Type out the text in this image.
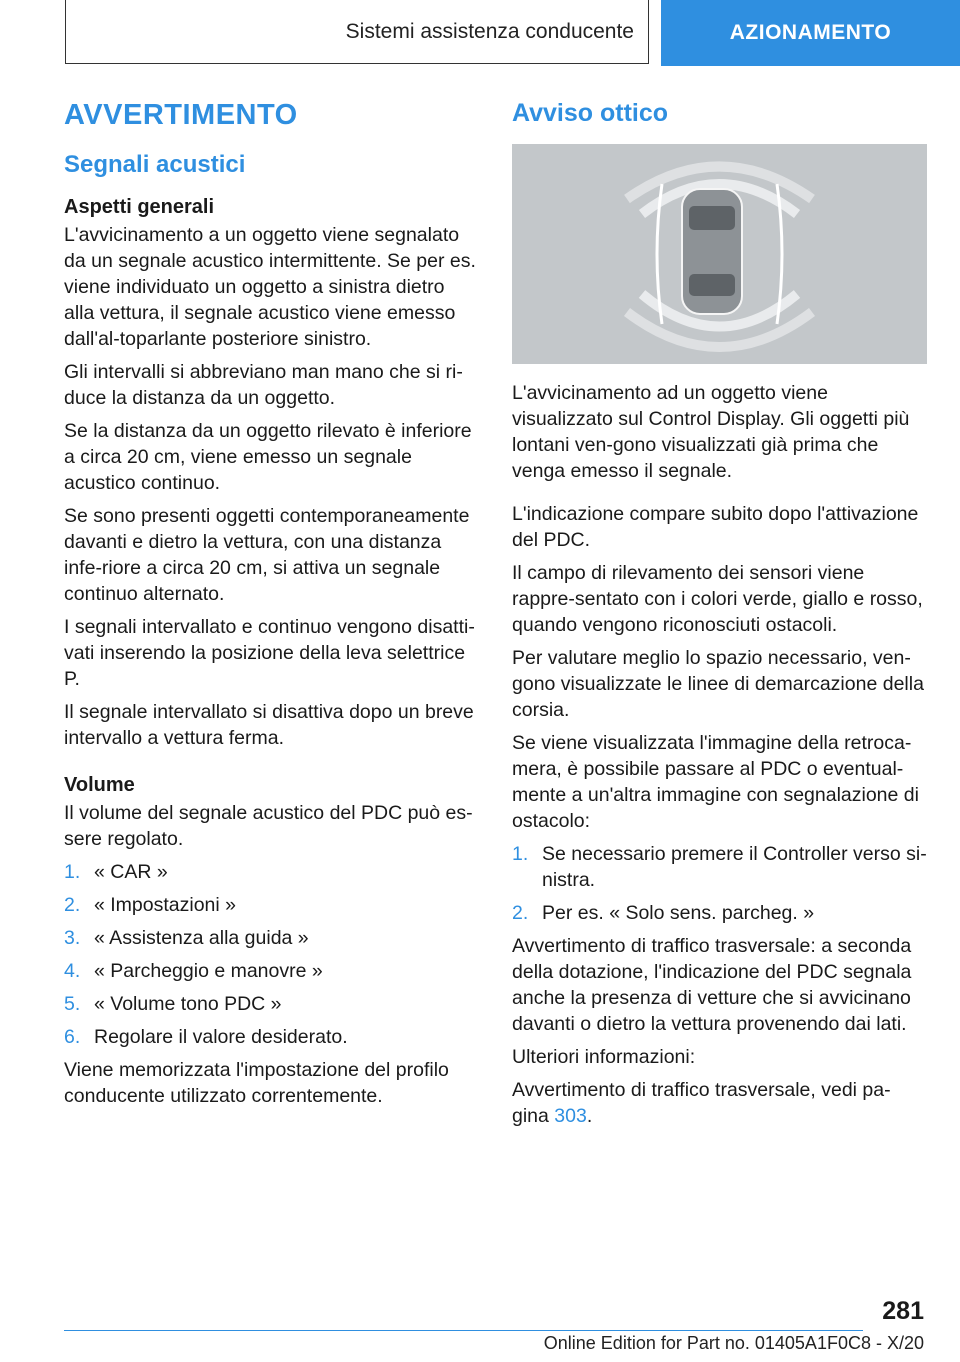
Sistemi assistenza conducente	AZIONAMENTO
AVVERTIMENTO
Segnali acustici
Aspetti generali

L'avvicinamento a un oggetto viene segnalato da un segnale acustico intermittente. Se per es. viene individuato un oggetto a sinistra dietro alla vettura, il segnale acustico viene emesso dall'al-toparlante posteriore sinistro.

Gli intervalli si abbreviano man mano che si ri-duce la distanza da un oggetto.

Se la distanza da un oggetto rilevato è inferiore a circa 20 cm, viene emesso un segnale acustico continuo.

Se sono presenti oggetti contemporaneamente davanti e dietro la vettura, con una distanza infe-riore a circa 20 cm, si attiva un segnale continuo alternato.

I segnali intervallato e continuo vengono disatti-vati inserendo la posizione della leva selettrice P.

Il segnale intervallato si disattiva dopo un breve intervallo a vettura ferma.

Volume

Il volume del segnale acustico del PDC può es-sere regolato.

1. « CAR »
2. « Impostazioni »
3. « Assistenza alla guida »
4. « Parcheggio e manovre »
5. « Volume tono PDC »
6. Regolare il valore desiderato.

Viene memorizzata l'impostazione del profilo conducente utilizzato correntemente.

Avviso ottico

L'avvicinamento ad un oggetto viene visualizzato sul Control Display. Gli oggetti più lontani ven-gono visualizzati già prima che venga emesso il segnale.

L'indicazione compare subito dopo l'attivazione del PDC.

Il campo di rilevamento dei sensori viene rappre-sentato con i colori verde, giallo e rosso, quando vengono riconosciuti ostacoli.

Per valutare meglio lo spazio necessario, ven-gono visualizzate le linee di demarcazione della corsia.

Se viene visualizzata l'immagine della retroca-mera, è possibile passare al PDC o eventual-mente a un'altra immagine con segnalazione di ostacolo:

1. Se necessario premere il Controller verso si-nistra.
2. Per es. « Solo sens. parcheg. »

Avvertimento di traffico trasversale: a seconda della dotazione, l'indicazione del PDC segnala anche la presenza di vetture che si avvicinano davanti o dietro la vettura provenendo dai lati.

Ulteriori informazioni:

Avvertimento di traffico trasversale, vedi pa-gina 303.

281
Online Edition for Part no. 01405A1F0C8 - X/20
